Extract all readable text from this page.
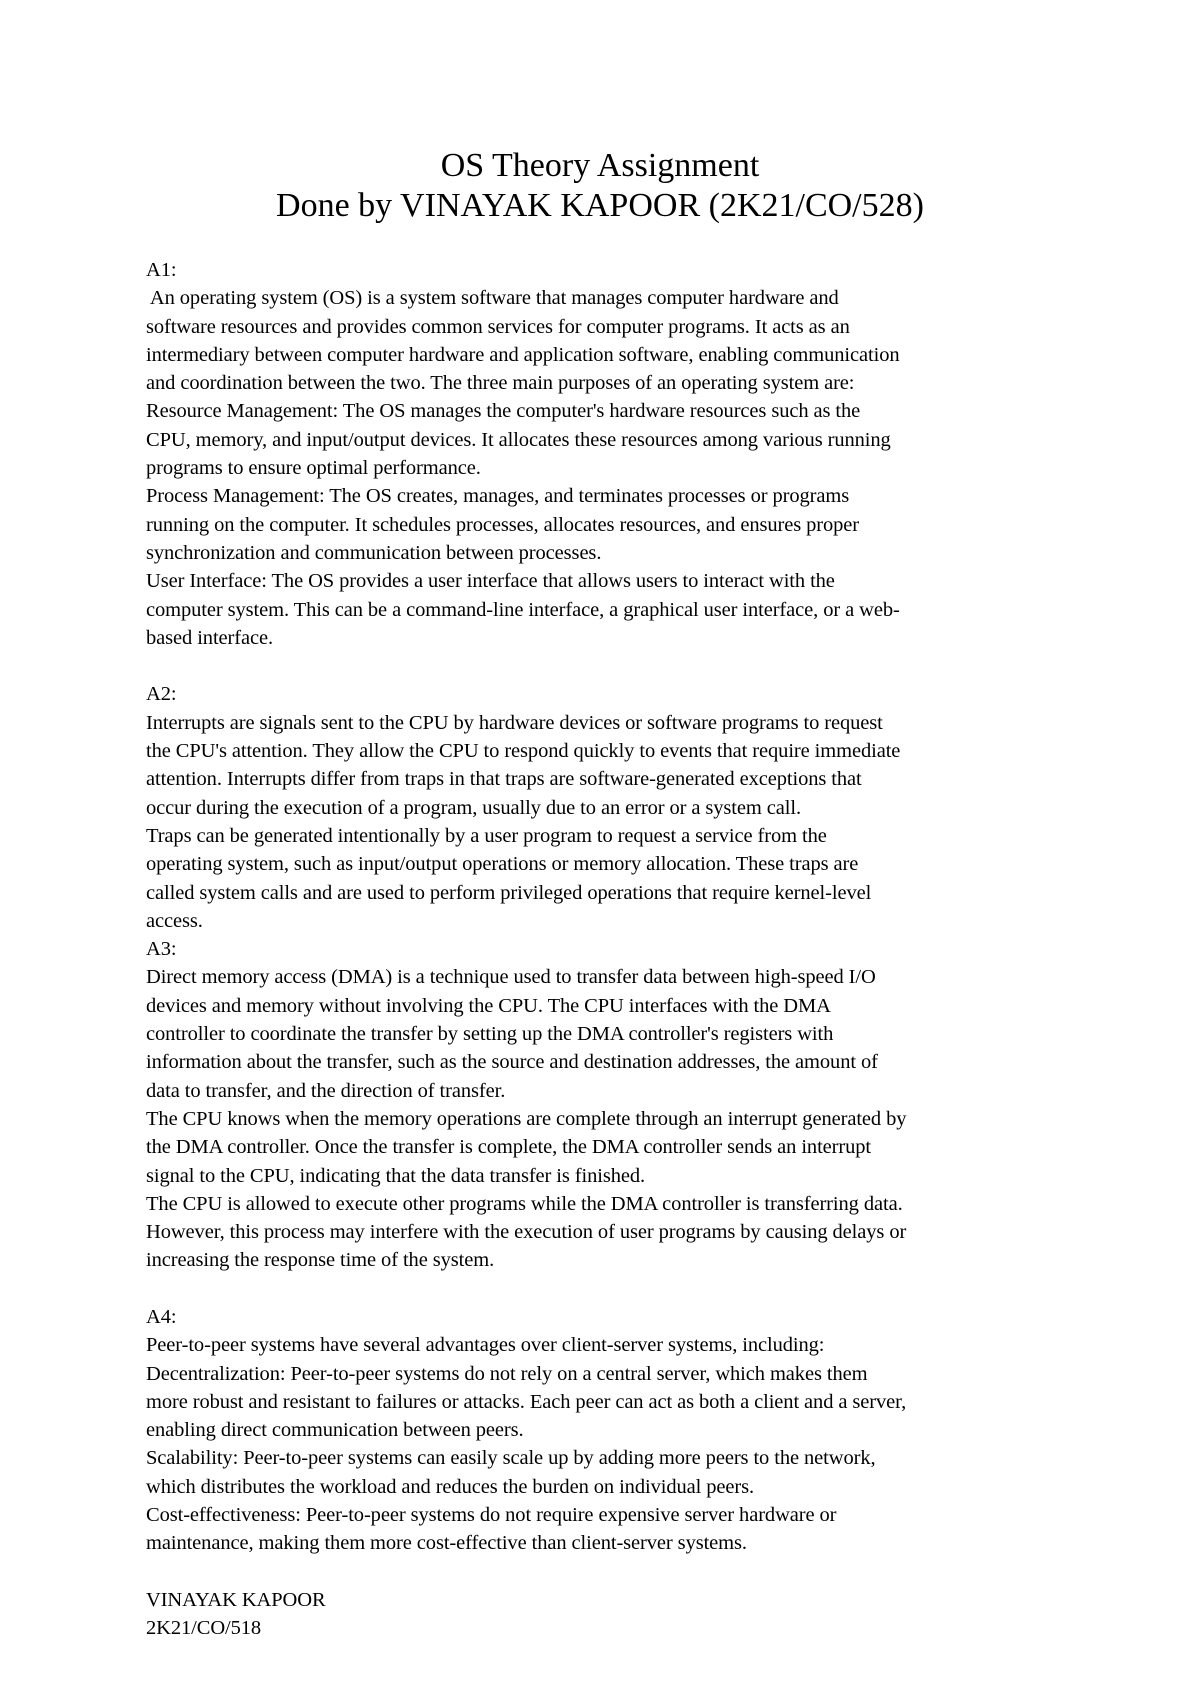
OS Theory Assignment
Done by VINAYAK KAPOOR (2K21/CO/528)
A1:
An operating system (OS) is a system software that manages computer hardware and
software resources and provides common services for computer programs. It acts as an
intermediary between computer hardware and application software, enabling communication
and coordination between the two. The three main purposes of an operating system are:
Resource Management: The OS manages the computer's hardware resources such as the
CPU, memory, and input/output devices. It allocates these resources among various running
programs to ensure optimal performance.
Process Management: The OS creates, manages, and terminates processes or programs
running on the computer. It schedules processes, allocates resources, and ensures proper
synchronization and communication between processes.
User Interface: The OS provides a user interface that allows users to interact with the
computer system. This can be a command-line interface, a graphical user interface, or a web-
based interface.
A2:
Interrupts are signals sent to the CPU by hardware devices or software programs to request
the CPU's attention. They allow the CPU to respond quickly to events that require immediate
attention. Interrupts differ from traps in that traps are software-generated exceptions that
occur during the execution of a program, usually due to an error or a system call.
Traps can be generated intentionally by a user program to request a service from the
operating system, such as input/output operations or memory allocation. These traps are
called system calls and are used to perform privileged operations that require kernel-level
access.
A3:
Direct memory access (DMA) is a technique used to transfer data between high-speed I/O
devices and memory without involving the CPU. The CPU interfaces with the DMA
controller to coordinate the transfer by setting up the DMA controller's registers with
information about the transfer, such as the source and destination addresses, the amount of
data to transfer, and the direction of transfer.
The CPU knows when the memory operations are complete through an interrupt generated by
the DMA controller. Once the transfer is complete, the DMA controller sends an interrupt
signal to the CPU, indicating that the data transfer is finished.
The CPU is allowed to execute other programs while the DMA controller is transferring data.
However, this process may interfere with the execution of user programs by causing delays or
increasing the response time of the system.
A4:
Peer-to-peer systems have several advantages over client-server systems, including:
Decentralization: Peer-to-peer systems do not rely on a central server, which makes them
more robust and resistant to failures or attacks. Each peer can act as both a client and a server,
enabling direct communication between peers.
Scalability: Peer-to-peer systems can easily scale up by adding more peers to the network,
which distributes the workload and reduces the burden on individual peers.
Cost-effectiveness: Peer-to-peer systems do not require expensive server hardware or
maintenance, making them more cost-effective than client-server systems.
VINAYAK KAPOOR
2K21/CO/518
